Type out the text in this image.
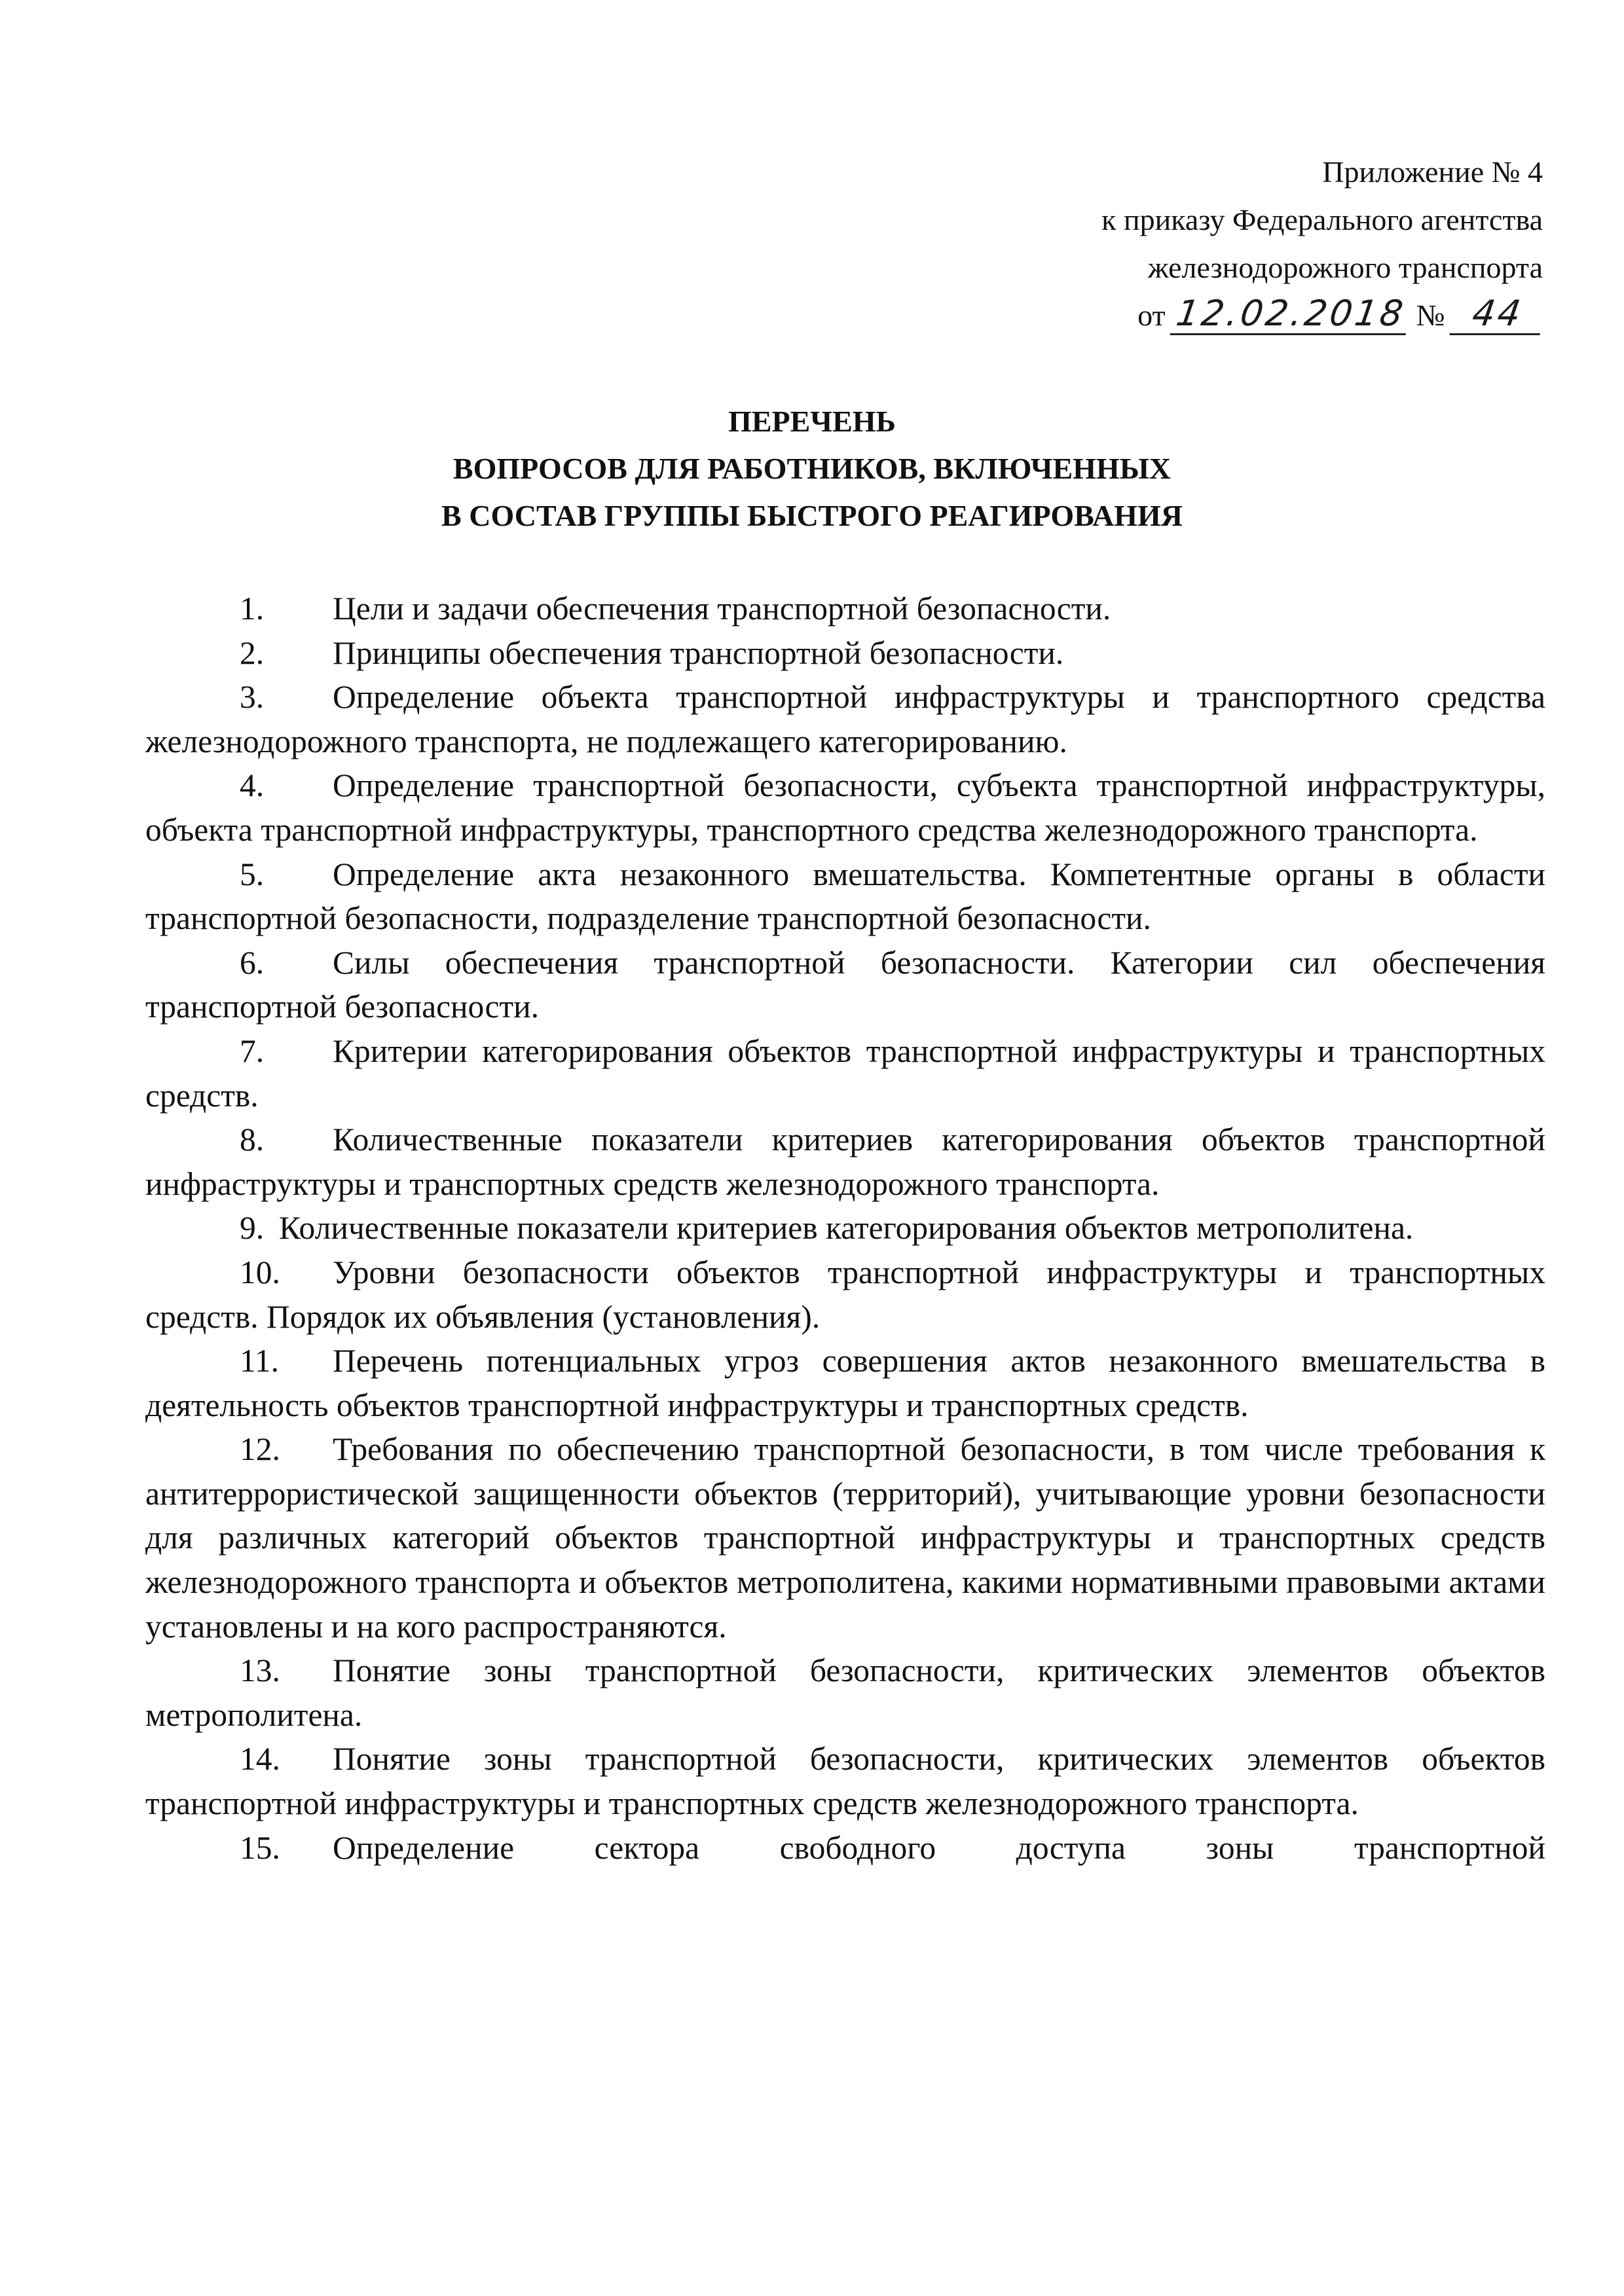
Приложение № 4
к приказу Федерального агентства
железнодорожного транспорта
от 12.02.2018 № 44
ПЕРЕЧЕНЬ
ВОПРОСОВ ДЛЯ РАБОТНИКОВ, ВКЛЮЧЕННЫХ
В СОСТАВ ГРУППЫ БЫСТРОГО РЕАГИРОВАНИЯ

1. Цели и задачи обеспечения транспортной безопасности.

2. Принципы обеспечения транспортной безопасности.

3. Определение объекта транспортной инфраструктуры и транспортного средства железнодорожного транспорта, не подлежащего категорированию.

4. Определение транспортной безопасности, субъекта транспортной инфраструктуры, объекта транспортной инфраструктуры, транспортного средства железнодорожного транспорта.

5. Определение акта незаконного вмешательства. Компетентные органы в области транспортной безопасности, подразделение транспортной безопасности.

6. Силы обеспечения транспортной безопасности. Категории сил обеспечения транспортной безопасности.

7. Критерии категорирования объектов транспортной инфраструктуры и транспортных средств.

8. Количественные показатели критериев категорирования объектов транспортной инфраструктуры и транспортных средств железнодорожного транспорта.

9. Количественные показатели критериев категорирования объектов метрополитена.

10. Уровни безопасности объектов транспортной инфраструктуры и транспортных средств. Порядок их объявления (установления).

11. Перечень потенциальных угроз совершения актов незаконного вмешательства в деятельность объектов транспортной инфраструктуры и транспортных средств.

12. Требования по обеспечению транспортной безопасности, в том числе требования к антитеррористической защищенности объектов (территорий), учитывающие уровни безопасности для различных категорий объектов транспортной инфраструктуры и транспортных средств железнодорожного транспорта и объектов метрополитена, какими нормативными правовыми актами установлены и на кого распространяются.

13. Понятие зоны транспортной безопасности, критических элементов объектов метрополитена.

14. Понятие зоны транспортной безопасности, критических элементов объектов транспортной инфраструктуры и транспортных средств железнодорожного транспорта.

15. Определение сектора свободного доступа зоны транспортной
